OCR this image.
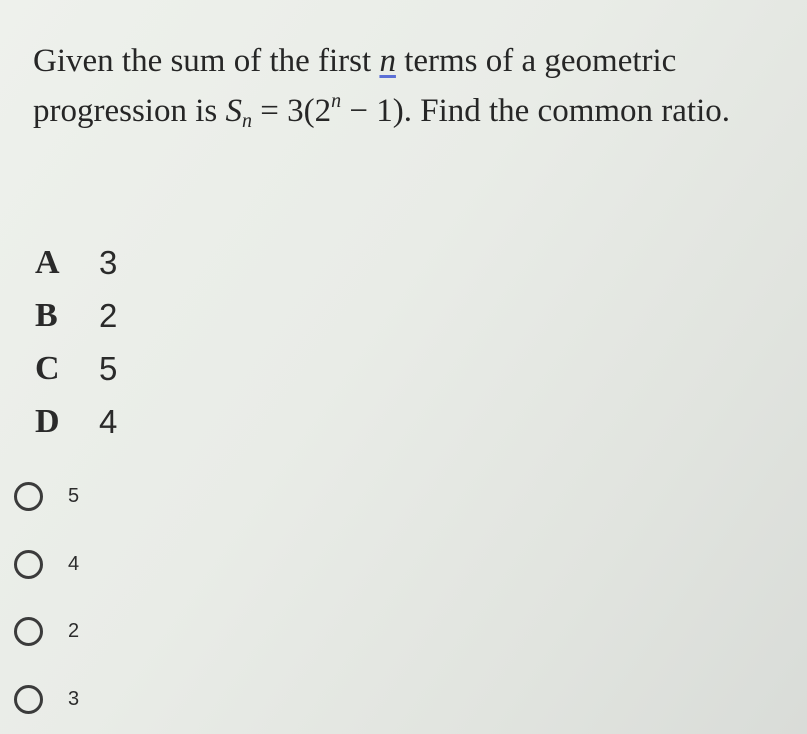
Given the sum of the first n terms of a geometric progression is $S_n = 3(2^n - 1)$. Find the common ratio.
A	3
B	2
C	5
D	4
5
4
2
3
